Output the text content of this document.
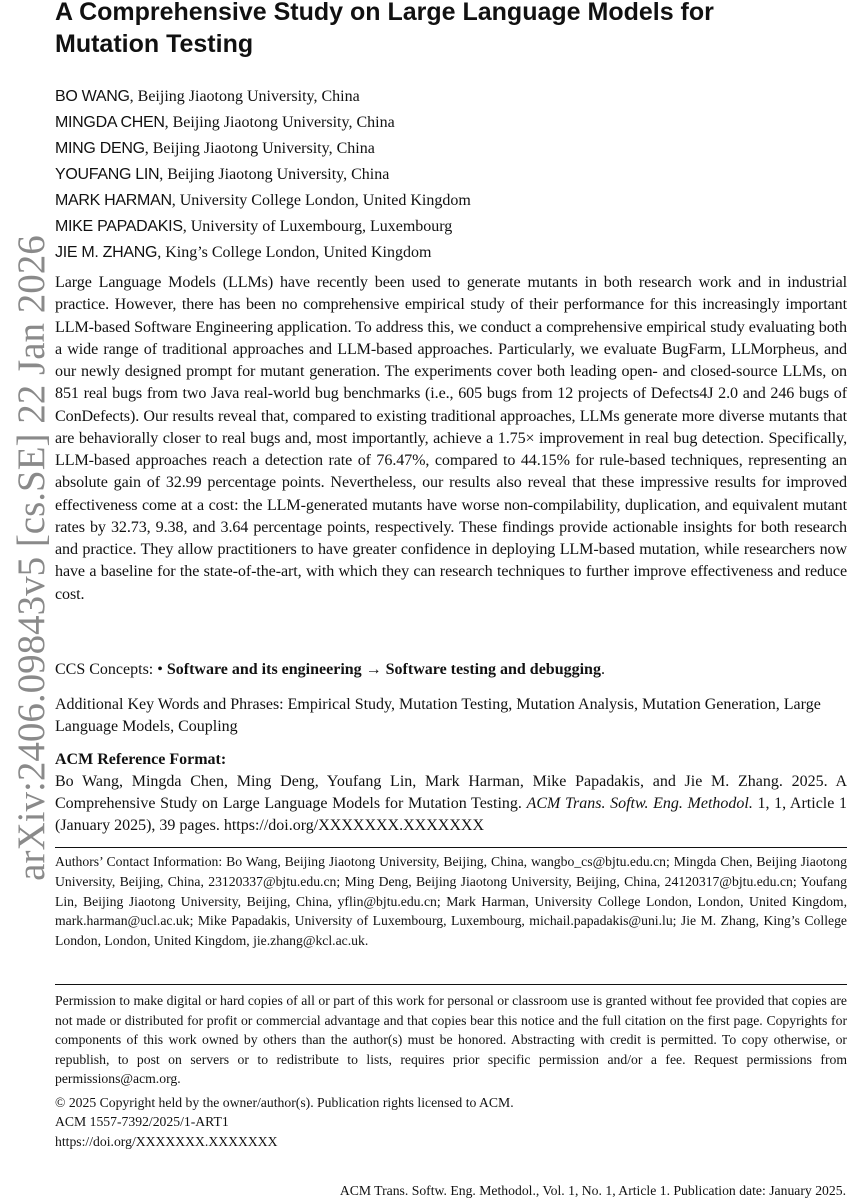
arXiv:2406.09843v5 [cs.SE] 22 Jan 2026
A Comprehensive Study on Large Language Models for
Mutation Testing
BO WANG, Beijing Jiaotong University, China
MINGDA CHEN, Beijing Jiaotong University, China
MING DENG, Beijing Jiaotong University, China
YOUFANG LIN, Beijing Jiaotong University, China
MARK HARMAN, University College London, United Kingdom
MIKE PAPADAKIS, University of Luxembourg, Luxembourg
JIE M. ZHANG, King’s College London, United Kingdom
Large Language Models (LLMs) have recently been used to generate mutants in both research work and in industrial practice. However, there has been no comprehensive empirical study of their performance for this increasingly important LLM-based Software Engineering application. To address this, we conduct a comprehensive empirical study evaluating both a wide range of traditional approaches and LLM-based approaches. Particularly, we evaluate BugFarm, LLMorpheus, and our newly designed prompt for mutant generation. The experiments cover both leading open- and closed-source LLMs, on 851 real bugs from two Java real-world bug benchmarks (i.e., 605 bugs from 12 projects of Defects4J 2.0 and 246 bugs of ConDefects). Our results reveal that, compared to existing traditional approaches, LLMs generate more diverse mutants that are behaviorally closer to real bugs and, most importantly, achieve a 1.75× improvement in real bug detection. Specifically, LLM-based approaches reach a detection rate of 76.47%, compared to 44.15% for rule-based techniques, representing an absolute gain of 32.99 percentage points. Nevertheless, our results also reveal that these impressive results for improved effectiveness come at a cost: the LLM-generated mutants have worse non-compilability, duplication, and equivalent mutant rates by 32.73, 9.38, and 3.64 percentage points, respectively. These findings provide actionable insights for both research and practice. They allow practitioners to have greater confidence in deploying LLM-based mutation, while researchers now have a baseline for the state-of-the-art, with which they can research techniques to further improve effectiveness and reduce cost.
CCS Concepts: • Software and its engineering → Software testing and debugging.
Additional Key Words and Phrases: Empirical Study, Mutation Testing, Mutation Analysis, Mutation Generation, Large Language Models, Coupling
ACM Reference Format:
Bo Wang, Mingda Chen, Ming Deng, Youfang Lin, Mark Harman, Mike Papadakis, and Jie M. Zhang. 2025. A Comprehensive Study on Large Language Models for Mutation Testing. ACM Trans. Softw. Eng. Methodol. 1, 1, Article 1 (January 2025), 39 pages. https://doi.org/XXXXXXX.XXXXXXX
Authors’ Contact Information: Bo Wang, Beijing Jiaotong University, Beijing, China, wangbo_cs@bjtu.edu.cn; Mingda Chen, Beijing Jiaotong University, Beijing, China, 23120337@bjtu.edu.cn; Ming Deng, Beijing Jiaotong University, Beijing, China, 24120317@bjtu.edu.cn; Youfang Lin, Beijing Jiaotong University, Beijing, China, yflin@bjtu.edu.cn; Mark Harman, University College London, London, United Kingdom, mark.harman@ucl.ac.uk; Mike Papadakis, University of Luxembourg, Luxembourg, michail.papadakis@uni.lu; Jie M. Zhang, King’s College London, London, United Kingdom, jie.zhang@kcl.ac.uk.
Permission to make digital or hard copies of all or part of this work for personal or classroom use is granted without fee provided that copies are not made or distributed for profit or commercial advantage and that copies bear this notice and the full citation on the first page. Copyrights for components of this work owned by others than the author(s) must be honored. Abstracting with credit is permitted. To copy otherwise, or republish, to post on servers or to redistribute to lists, requires prior specific permission and/or a fee. Request permissions from permissions@acm.org.
© 2025 Copyright held by the owner/author(s). Publication rights licensed to ACM.
ACM 1557-7392/2025/1-ART1
https://doi.org/XXXXXXX.XXXXXXX
ACM Trans. Softw. Eng. Methodol., Vol. 1, No. 1, Article 1. Publication date: January 2025.
